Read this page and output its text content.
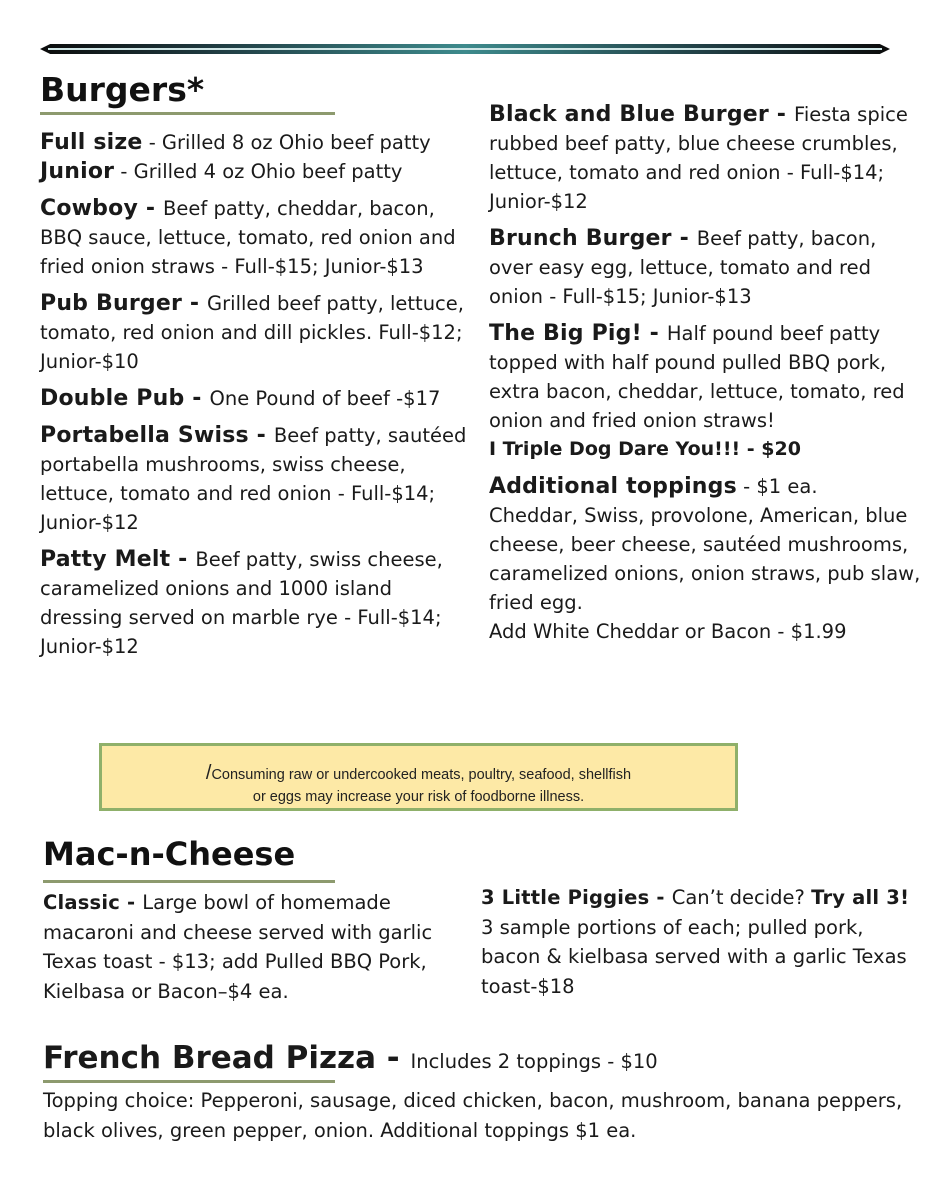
Burgers*

Full size - Grilled 8 oz Ohio beef patty

Junior - Grilled 4 oz Ohio beef patty

Cowboy - Beef patty, cheddar, bacon, BBQ sauce, lettuce, tomato, red onion and fried onion straws - Full-$15; Junior-$13

Pub Burger - Grilled beef patty, lettuce, tomato, red onion and dill pickles. Full-$12; Junior-$10

Double Pub - One Pound of beef -$17

Portabella Swiss - Beef patty, sautéed portabella mushrooms, swiss cheese, lettuce, tomato and red onion - Full-$14; Junior-$12

Patty Melt - Beef patty, swiss cheese, caramelized onions and 1000 island dressing served on marble rye - Full-$14; Junior-$12

Black and Blue Burger - Fiesta spice rubbed beef patty, blue cheese crumbles, lettuce, tomato and red onion - Full-$14; Junior-$12

Brunch Burger - Beef patty, bacon, over easy egg, lettuce, tomato and red onion - Full-$15; Junior-$13

The Big Pig! - Half pound beef patty topped with half pound pulled BBQ pork, extra bacon, cheddar, lettuce, tomato, red onion and fried onion straws!

I Triple Dog Dare You!!! - $20

Additional toppings - $1 ea.

Cheddar, Swiss, provolone, American, blue cheese, beer cheese, sautéed mushrooms, caramelized onions, onion straws, pub slaw, fried egg.

Add White Cheddar or Bacon - $1.99

/Consuming raw or undercooked meats, poultry, seafood, shellfish
or eggs may increase your risk of foodborne illness.
Mac-n-Cheese

Classic - Large bowl of homemade macaroni and cheese served with garlic Texas toast - $13; add Pulled BBQ Pork, Kielbasa or Bacon–$4 ea.

3 Little Piggies - Can’t decide? Try all 3!

3 sample portions of each; pulled pork, bacon & kielbasa served with a garlic Texas toast-$18

French Bread Pizza - Includes 2 toppings - $10
Topping choice: Pepperoni, sausage, diced chicken, bacon, mushroom, banana peppers, black olives, green pepper, onion. Additional toppings $1 ea.
